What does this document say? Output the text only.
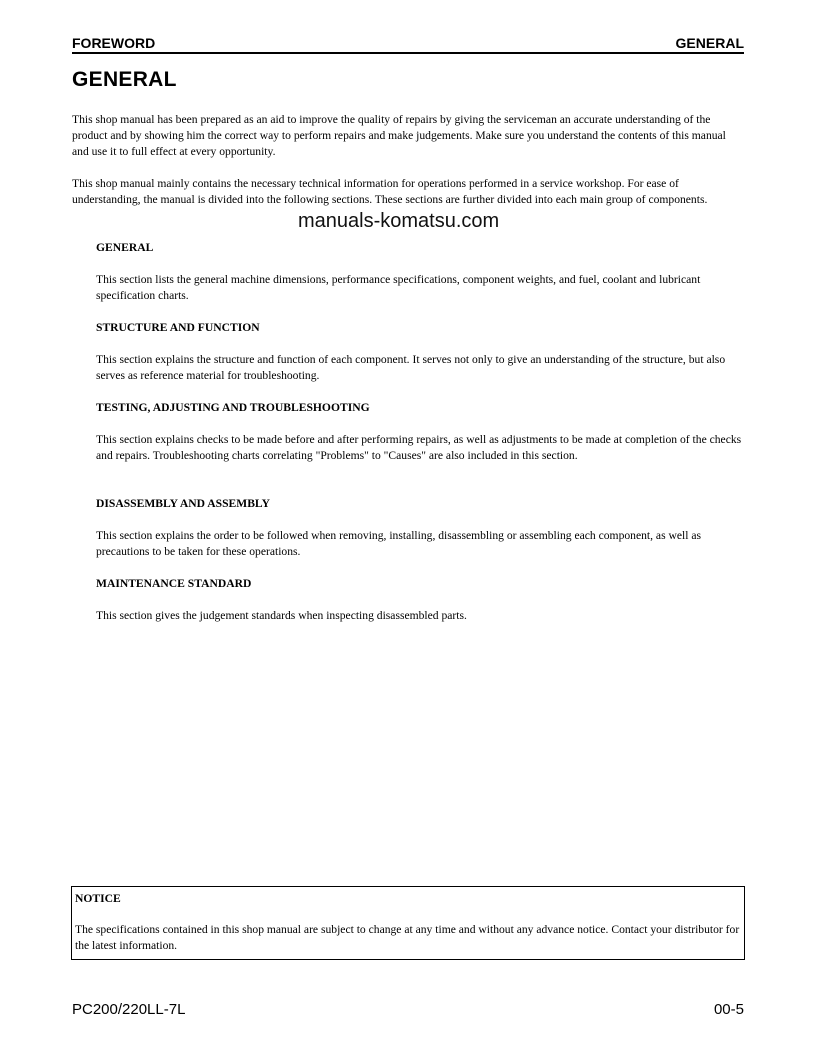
FOREWORD	GENERAL
GENERAL

This shop manual has been prepared as an aid to improve the quality of repairs by giving the serviceman an accurate understanding of the product and by showing him the correct way to perform repairs and make judgements. Make sure you understand the contents of this manual and use it to full effect at every opportunity.

This shop manual mainly contains the necessary technical information for operations performed in a service workshop. For ease of understanding, the manual is divided into the following sections. These sections are further divided into each main group of components.

manuals-komatsu.com
GENERAL

This section lists the general machine dimensions, performance specifications, component weights, and fuel, coolant and lubricant specification charts.

STRUCTURE AND FUNCTION

This section explains the structure and function of each component. It serves not only to give an understanding of the structure, but also serves as reference material for troubleshooting.

TESTING, ADJUSTING AND TROUBLESHOOTING

This section explains checks to be made before and after performing repairs, as well as adjustments to be made at completion of the checks and repairs. Troubleshooting charts correlating "Problems" to "Causes" are also included in this section.

DISASSEMBLY AND ASSEMBLY

This section explains the order to be followed when removing, installing, disassembling or assembling each component, as well as precautions to be taken for these operations.

MAINTENANCE STANDARD

This section gives the judgement standards when inspecting disassembled parts.

NOTICE

The specifications contained in this shop manual are subject to change at any time and without any advance notice. Contact your distributor for the latest information.

PC200/220LL-7L	00-5
